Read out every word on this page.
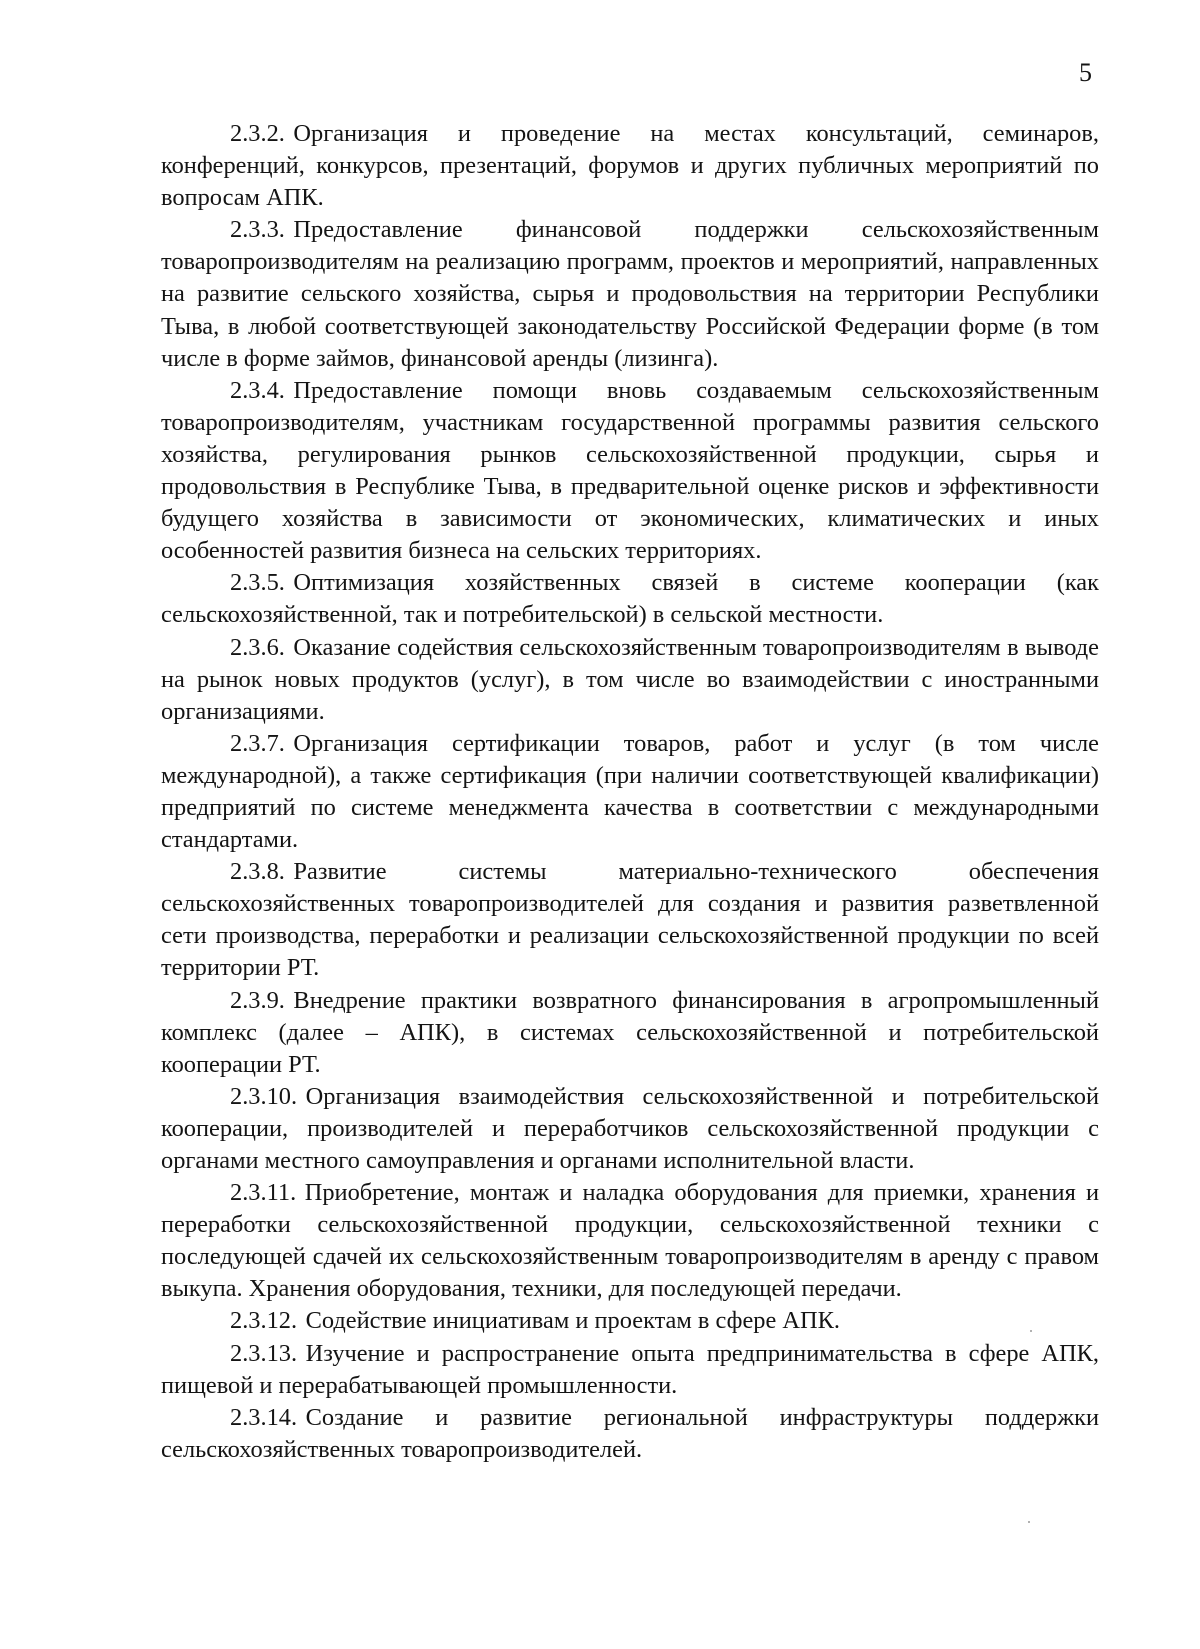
5

2.3.2. Организация и проведение на местах консультаций, семинаров, конференций, конкурсов, презентаций, форумов и других публичных мероприятий по вопросам АПК.

2.3.3. Предоставление финансовой поддержки сельскохозяйственным товаропроизводителям на реализацию программ, проектов и мероприятий, направленных на развитие сельского хозяйства, сырья и продовольствия на территории Республики Тыва, в любой соответствующей законодательству Российской Федерации форме (в том числе в форме займов, финансовой аренды (лизинга).

2.3.4. Предоставление помощи вновь создаваемым сельскохозяйственным товаропроизводителям, участникам государственной программы развития сельского хозяйства, регулирования рынков сельскохозяйственной продукции, сырья и продовольствия в Республике Тыва, в предварительной оценке рисков и эффективности будущего хозяйства в зависимости от экономических, климатических и иных особенностей развития бизнеса на сельских территориях.

2.3.5. Оптимизация хозяйственных связей в системе кооперации (как сельскохозяйственной, так и потребительской) в сельской местности.

2.3.6. Оказание содействия сельскохозяйственным товаропроизводителям в выводе на рынок новых продуктов (услуг), в том числе во взаимодействии с иностранными организациями.

2.3.7. Организация сертификации товаров, работ и услуг (в том числе международной), а также сертификация (при наличии соответствующей квалификации) предприятий по системе менеджмента качества в соответствии с международными стандартами.

2.3.8. Развитие системы материально-технического обеспечения сельскохозяйственных товаропроизводителей для создания и развития разветвленной сети производства, переработки и реализации сельскохозяйственной продукции по всей территории РТ.

2.3.9. Внедрение практики возвратного финансирования в агропромышленный комплекс (далее – АПК), в системах сельскохозяйственной и потребительской кооперации РТ.

2.3.10. Организация взаимодействия сельскохозяйственной и потребительской кооперации, производителей и переработчиков сельскохозяйственной продукции с органами местного самоуправления и органами исполнительной власти.

2.3.11. Приобретение, монтаж и наладка оборудования для приемки, хранения и переработки сельскохозяйственной продукции, сельскохозяйственной техники с последующей сдачей их сельскохозяйственным товаропроизводителям в аренду с правом выкупа. Хранения оборудования, техники, для последующей передачи.

2.3.12. Содействие инициативам и проектам в сфере АПК.

2.3.13. Изучение и распространение опыта предпринимательства в сфере АПК, пищевой и перерабатывающей промышленности.

2.3.14. Создание и развитие региональной инфраструктуры поддержки сельскохозяйственных товаропроизводителей.
